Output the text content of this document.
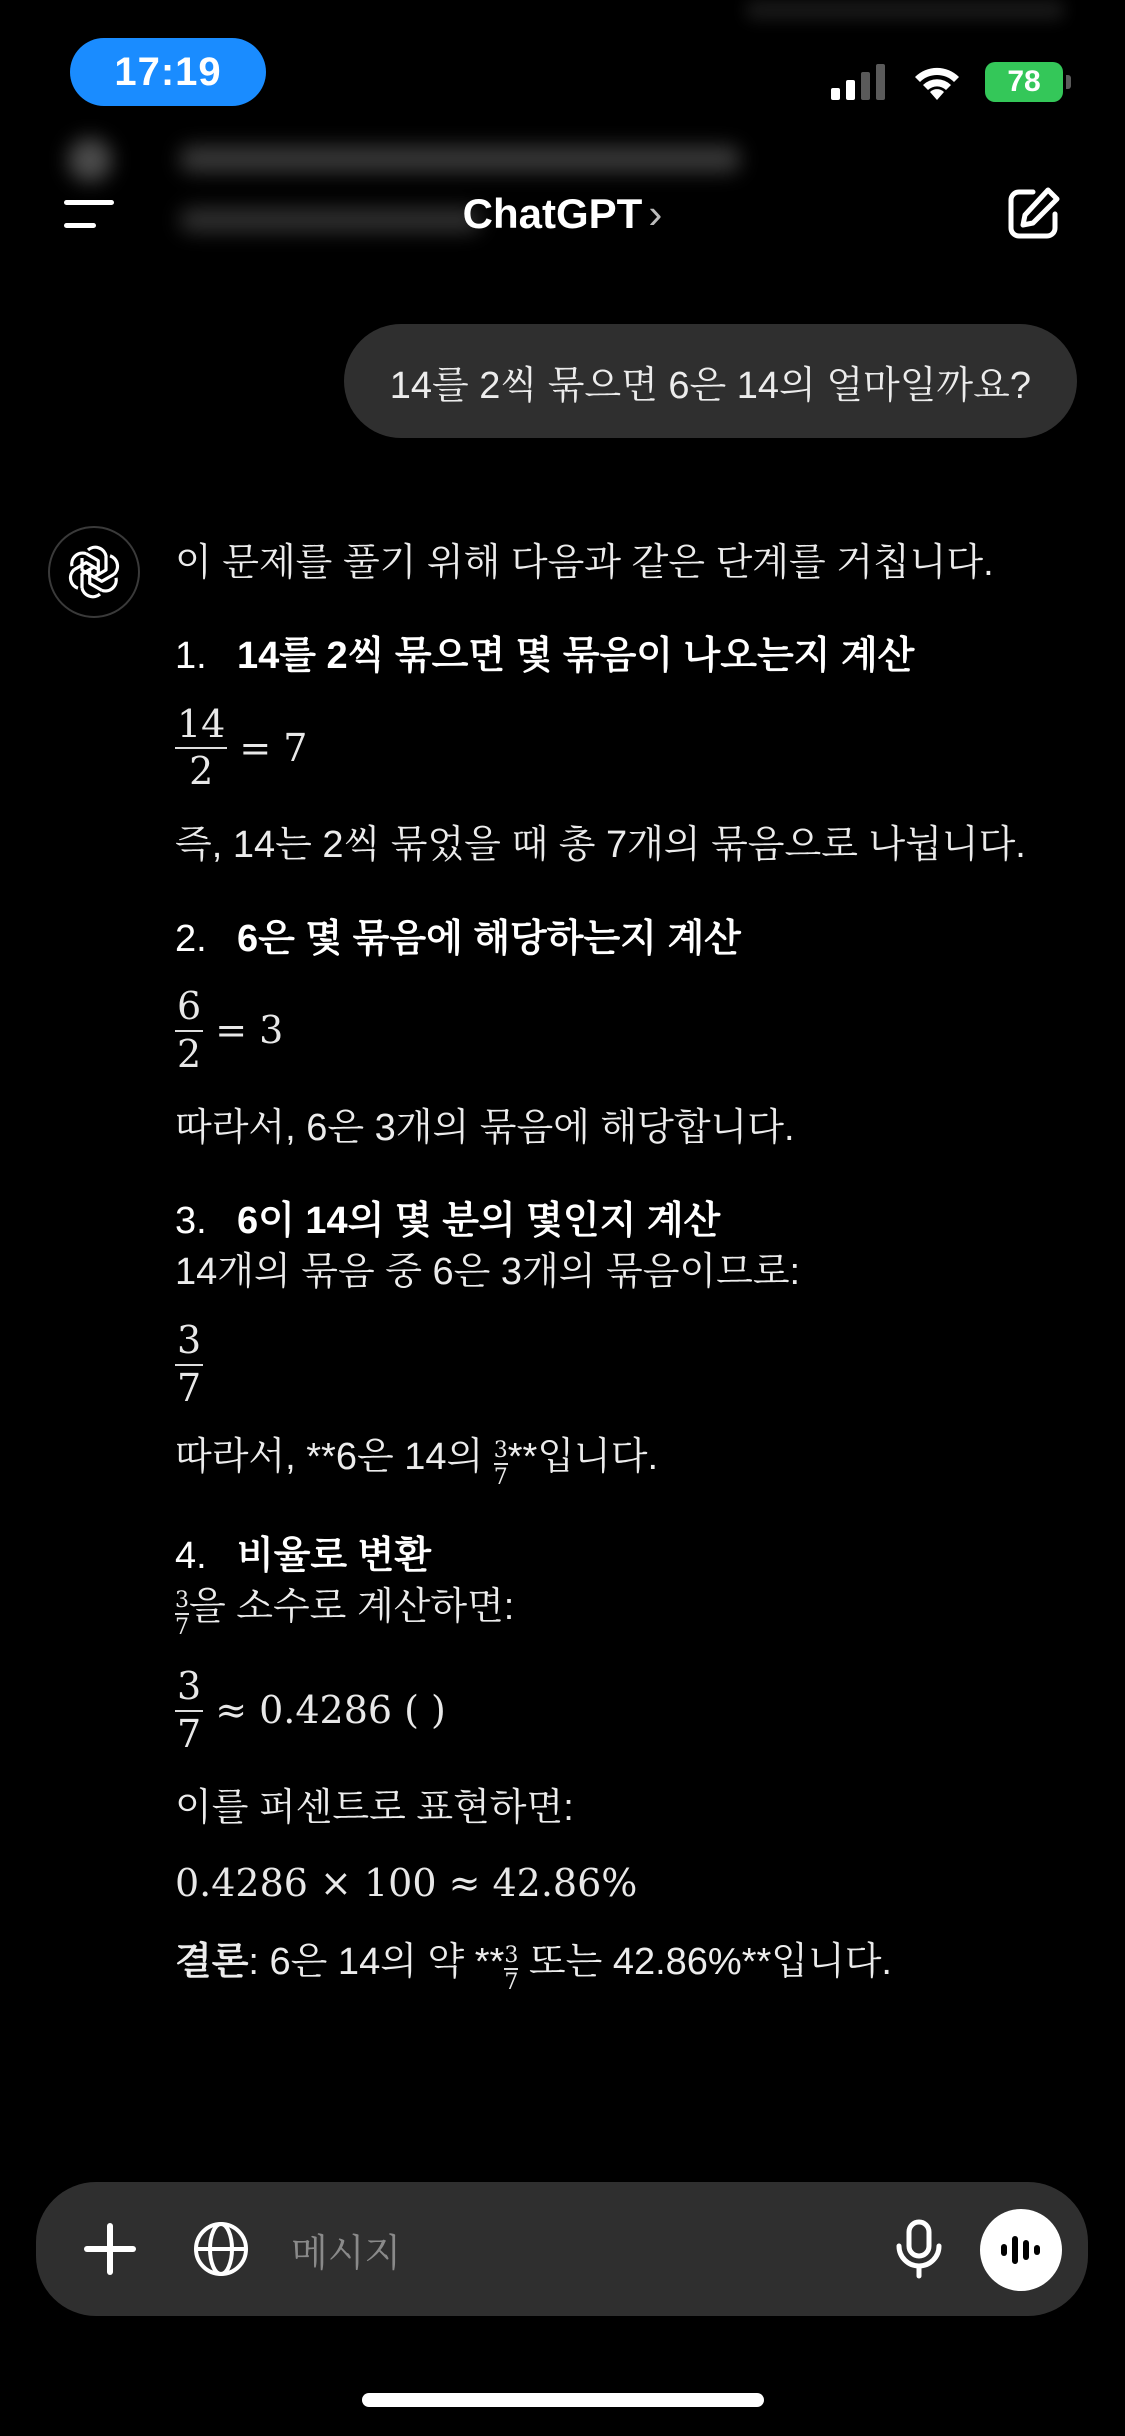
17:19	78
ChatGPT ›
14를 2씩 묶으면 6은 14의 얼마일까요?

이 문제를 풀기 위해 다음과 같은 단계를 거칩니다.

1. 14를 2씩 묶으면 몇 묶음이 나오는지 계산
$\frac{14}{2} = 7$

즉, 14는 2씩 묶었을 때 총 7개의 묶음으로 나뉩니다.

2. 6은 몇 묶음에 해당하는지 계산
$\frac{6}{2} = 3$

따라서, 6은 3개의 묶음에 해당합니다.

3. 6이 14의 몇 분의 몇인지 계산

14개의 묶음 중 6은 3개의 묶음이므로:

$\frac{3}{7}$

따라서, **6은 14의 $\frac{3}{7}$ **입니다.

4. 비율로 변환

$\frac{3}{7}$ 을 소수로 계산하면:

$\frac{3}{7} \approx 0.4286$ ( )

이를 퍼센트로 표현하면:

0.4286 × 100 ≈ 42.86%

결론: 6은 14의 약 ** $\frac{3}{7}$ 또는 42.86%**입니다.

메시지
